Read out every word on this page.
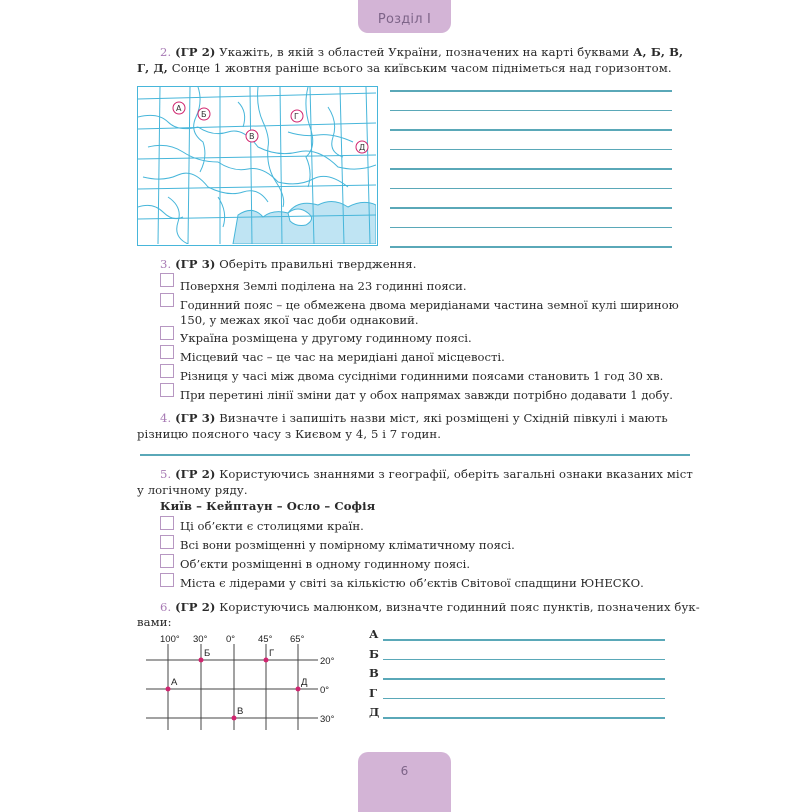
Розділ І
2. (ГР 2) Укажіть, в якій з областей України, позначених на карті буквами А, Б, В,
Г, Д, Сонце 1 жовтня раніше всього за київським часом підніметься над горизонтом.
А
Б
В
Г
Д
3. (ГР 3) Оберіть правильні твердження.
Поверхня Землі поділена на 23 годинні пояси.
Годинний пояс – це обмежена двома меридіанами частина земної кулі шириною
150, у межах якої час доби однаковий.
Україна розміщена у другому годинному поясі.
Місцевий час – це час на меридіані даної місцевості.
Різниця у часі між двома сусідніми годинними поясами становить 1 год 30 хв.
При перетині лінії зміни дат у обох напрямах завжди потрібно додавати 1 добу.
4. (ГР 3) Визначте і запишіть назви міст, які розміщені у Східній півкулі і мають
різницю поясного часу з Києвом у 4, 5 і 7 годин.
5. (ГР 2) Користуючись знаннями з географії, оберіть загальні ознаки вказаних міст
у логічному ряду.
Київ – Кейптаун – Осло – Софія
Ці об’єкти є столицями країн.
Всі вони розміщенні у помірному кліматичному поясі.
Об’єкти розміщенні в одному годинному поясі.
Міста є лідерами у світі за кількістю об’єктів Світової спадщини ЮНЕСКО.
6. (ГР 2) Користуючись малюнком, визначте годинний пояс пунктів, позначених бук-
вами:
100° 30° 0° 45° 65°
20°
0°
30°
А
Б
В
Г
Д
А
Б
В
Г
Д
6
